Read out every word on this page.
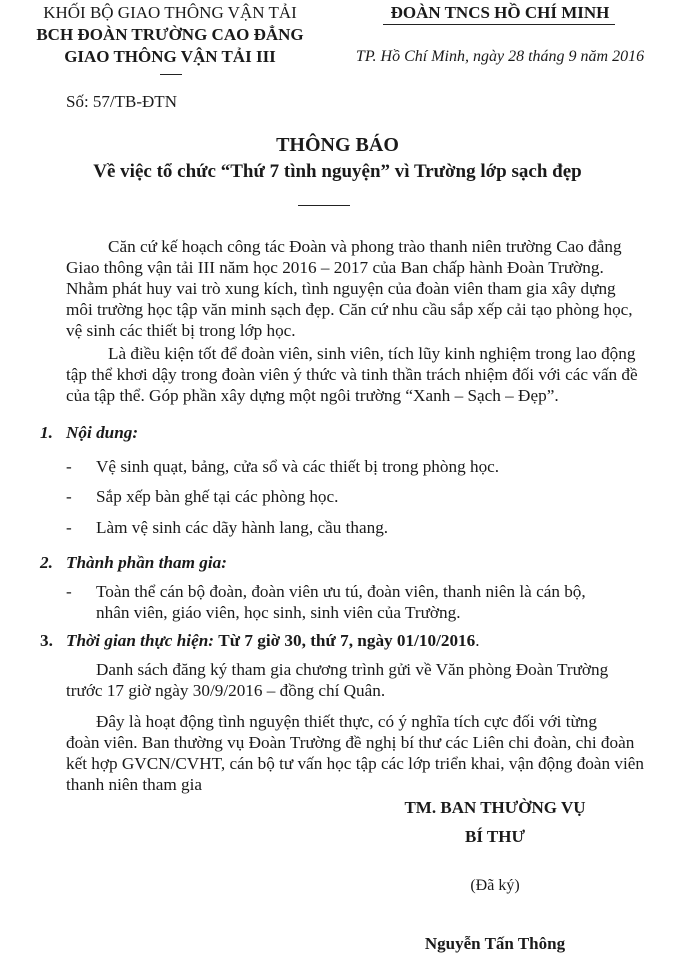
KHỐI BỘ GIAO THÔNG VẬN TẢI
BCH ĐOÀN TRƯỜNG CAO ĐẲNG
GIAO THÔNG VẬN TẢI III
Số: 57/TB-ĐTN
ĐOÀN TNCS HỒ CHÍ MINH
TP. Hồ Chí Minh, ngày 28 tháng 9 năm 2016
THÔNG BÁO
Về việc tổ chức “Thứ 7 tình nguyện” vì Trường lớp sạch đẹp
Căn cứ kế hoạch công tác Đoàn và phong trào thanh niên trường Cao đẳng
Giao thông vận tải III năm học 2016 – 2017 của Ban chấp hành Đoàn Trường.
Nhằm phát huy vai trò xung kích, tình nguyện của đoàn viên tham gia xây dựng
môi trường học tập văn minh sạch đẹp. Căn cứ nhu cầu sắp xếp cải tạo phòng học,
vệ sinh các thiết bị trong lớp học.
Là điều kiện tốt để đoàn viên, sinh viên, tích lũy kinh nghiệm trong lao động
tập thể khơi dậy trong đoàn viên ý thức và tinh thần trách nhiệm đối với các vấn đề
của tập thể. Góp phần xây dựng một ngôi trường “Xanh – Sạch – Đẹp”.
1. Nội dung:
- Vệ sinh quạt, bảng, cửa sổ và các thiết bị trong phòng học.
- Sắp xếp bàn ghế tại các phòng học.
- Làm vệ sinh các dãy hành lang, cầu thang.
2. Thành phần tham gia:
- Toàn thể cán bộ đoàn, đoàn viên ưu tú, đoàn viên, thanh niên là cán bộ,
nhân viên, giáo viên, học sinh, sinh viên của Trường.
3. Thời gian thực hiện: Từ 7 giờ 30, thứ 7, ngày 01/10/2016.
Danh sách đăng ký tham gia chương trình gửi về Văn phòng Đoàn Trường
trước 17 giờ ngày 30/9/2016 – đồng chí Quân.
Đây là hoạt động tình nguyện thiết thực, có ý nghĩa tích cực đối với từng
đoàn viên. Ban thường vụ Đoàn Trường đề nghị bí thư các Liên chi đoàn, chi đoàn
kết hợp GVCN/CVHT, cán bộ tư vấn học tập các lớp triển khai, vận động đoàn viên
thanh niên tham gia
TM. BAN THƯỜNG VỤ
BÍ THƯ
(Đã ký)
Nguyễn Tấn Thông
